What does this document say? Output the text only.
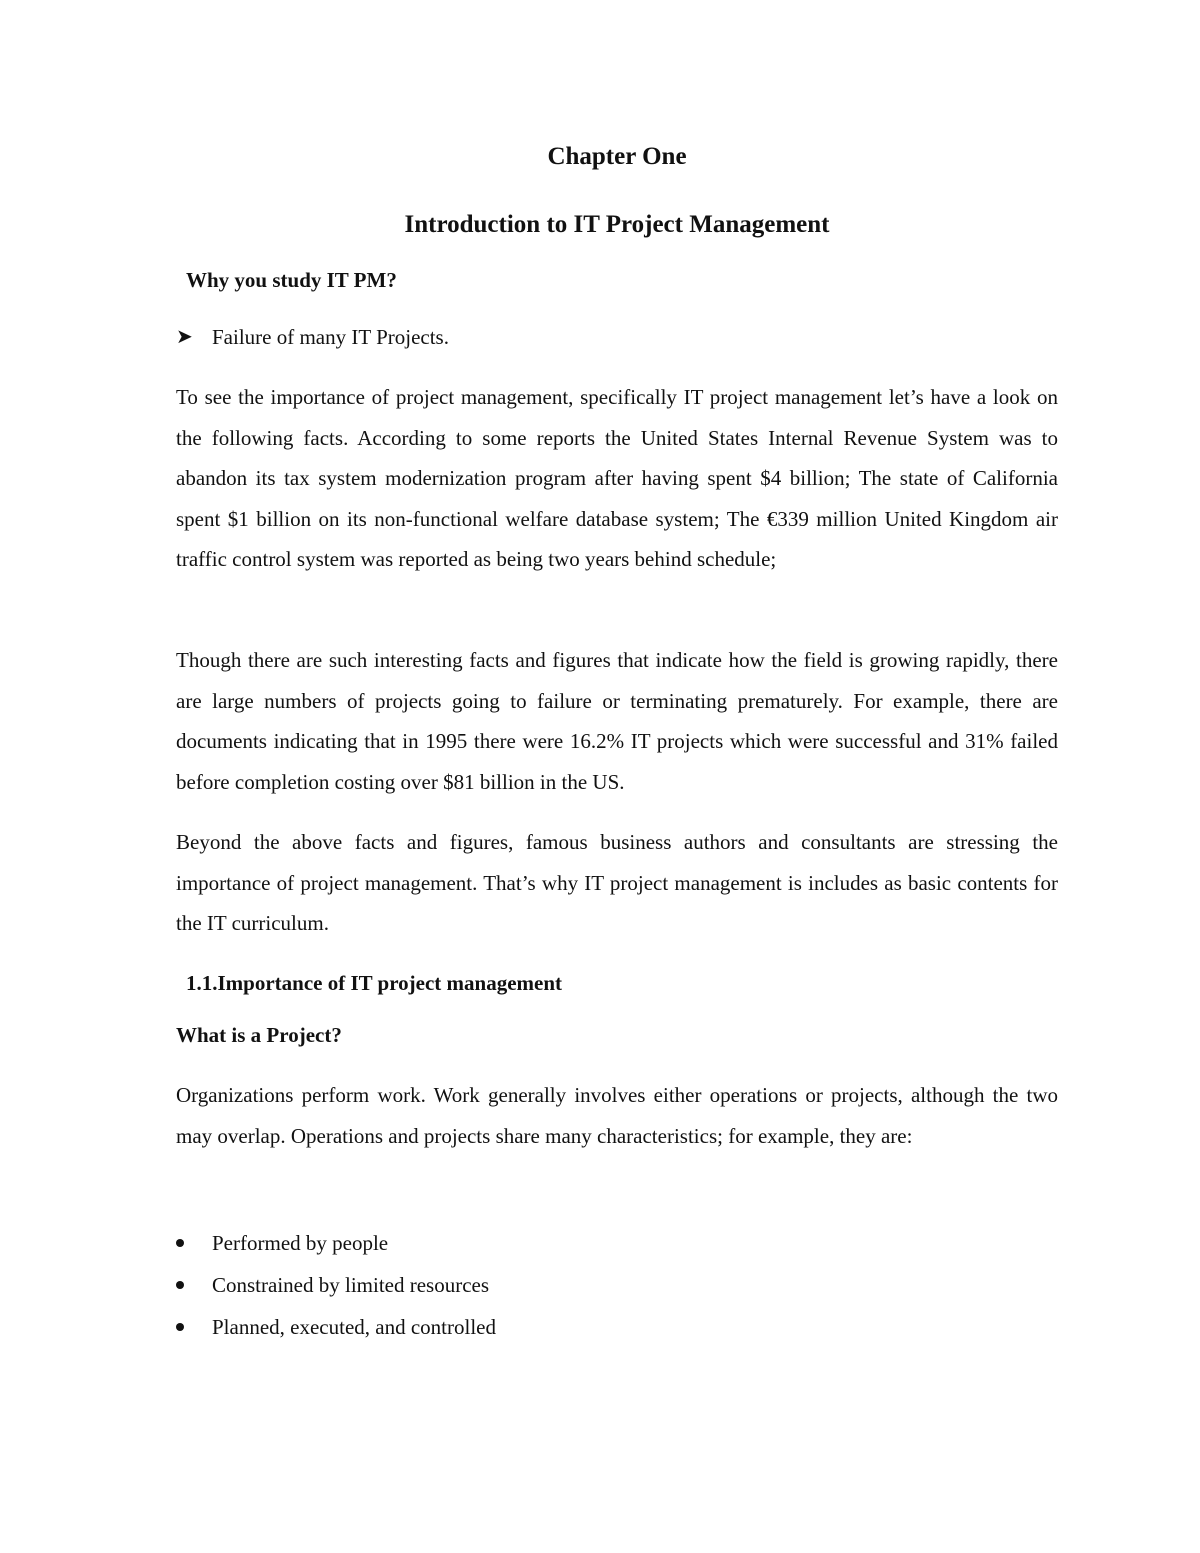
Chapter One
Introduction to IT Project Management
Why you study IT PM?
➤ Failure of many IT Projects.

To see the importance of project management, specifically IT project management let’s have a look on the following facts. According to some reports the United States Internal Revenue System was to abandon its tax system modernization program after having spent $4 billion; The state of California spent $1 billion on its non-functional welfare database system; The €339 million United Kingdom air traffic control system was reported as being two years behind schedule;

Though there are such interesting facts and figures that indicate how the field is growing rapidly, there are large numbers of projects going to failure or terminating prematurely. For example, there are documents indicating that in 1995 there were 16.2% IT projects which were successful and 31% failed before completion costing over $81 billion in the US.

Beyond the above facts and figures, famous business authors and consultants are stressing the importance of project management. That’s why IT project management is includes as basic contents for the IT curriculum.

1.1.Importance of IT project management
What is a Project?

Organizations perform work. Work generally involves either operations or projects, although the two may overlap. Operations and projects share many characteristics; for example, they are:

Performed by people
Constrained by limited resources
Planned, executed, and controlled
